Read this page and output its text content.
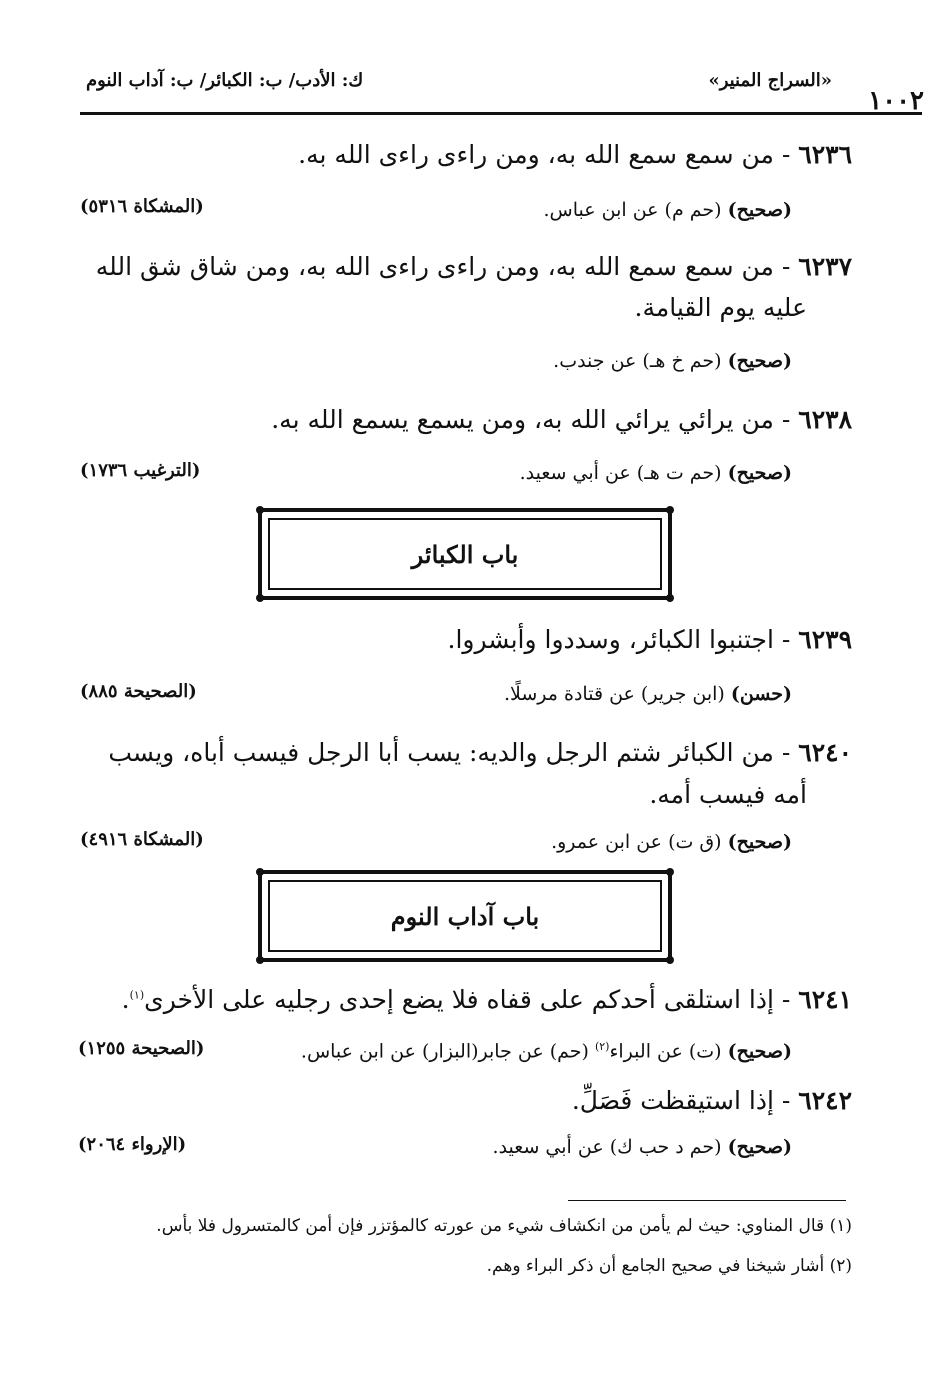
«السراج المنير»
١٠٠٢
ك: الأدب/ ب: الكبائر/ ب: آداب النوم
٦٢٣٦ - من سمع سمع الله به، ومن راءى راءى الله به.
(صحيح) (حم م) عن ابن عباس.
(المشكاة ٥٣١٦)
٦٢٣٧ - من سمع سمع الله به، ومن راءى راءى الله به، ومن شاق شق الله
عليه يوم القيامة.
(صحيح) (حم خ هـ) عن جندب.
٦٢٣٨ - من يرائي يرائي الله به، ومن يسمع يسمع الله به.
(صحيح) (حم ت هـ) عن أبي سعيد.
(الترغيب ١٧٣٦)
باب الكبائر
٦٢٣٩ - اجتنبوا الكبائر، وسددوا وأبشروا.
(حسن) (ابن جرير) عن قتادة مرسلًا.
(الصحيحة ٨٨٥)
٦٢٤٠ - من الكبائر شتم الرجل والديه: يسب أبا الرجل فيسب أباه، ويسب
أمه فيسب أمه.
(صحيح) (ق ت) عن ابن عمرو.
(المشكاة ٤٩١٦)
باب آداب النوم
٦٢٤١ - إذا استلقى أحدكم على قفاه فلا يضع إحدى رجليه على الأخرى$^{(١)}$.
(صحيح) (ت) عن البراء$^{(٢)}$ (حم) عن جابر(البزار) عن ابن عباس.
(الصحيحة ١٢٥٥)
٦٢٤٢ - إذا استيقظت فَصَلِّ.
(صحيح) (حم د حب ك) عن أبي سعيد.
(الإرواء ٢٠٦٤)
(١) قال المناوي: حيث لم يأمن من انكشاف شيء من عورته كالمؤتزر فإن أمن كالمتسرول فلا بأس.
(٢) أشار شيخنا في صحيح الجامع أن ذكر البراء وهم.
